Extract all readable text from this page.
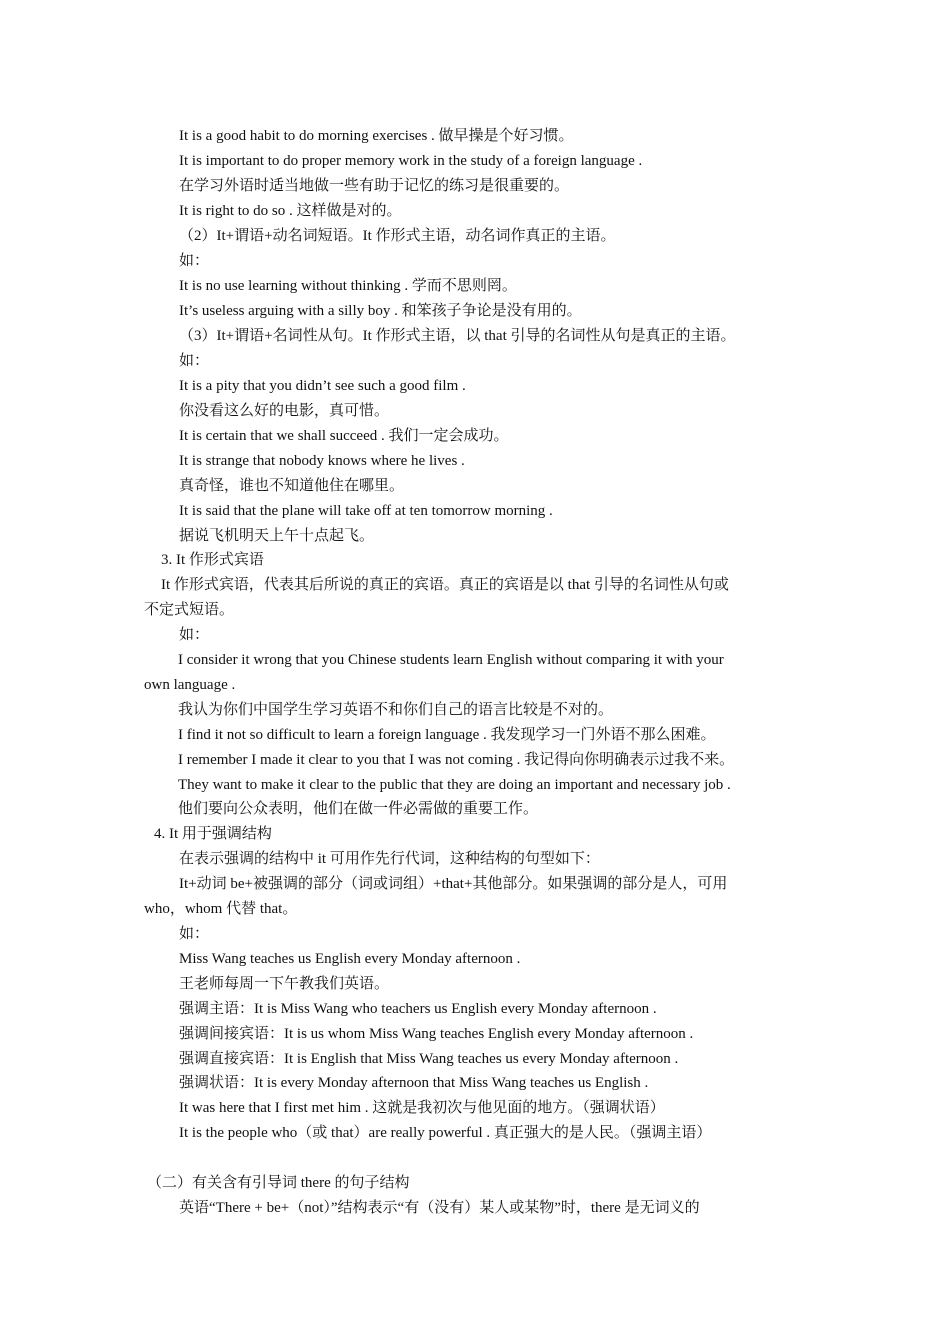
It is a good habit to do morning exercises . 做早操是个好习惯。
It is important to do proper memory work in the study of a foreign language .
在学习外语时适当地做一些有助于记忆的练习是很重要的。
It is right to do so . 这样做是对的。
（2）It+谓语+动名词短语。It 作形式主语，动名词作真正的主语。
如：
It is no use learning without thinking . 学而不思则罔。
It’s useless arguing with a silly boy . 和笨孩子争论是没有用的。
（3）It+谓语+名词性从句。It 作形式主语，以 that 引导的名词性从句是真正的主语。
如：
It is a pity that you didn’t see such a good film .
你没看这么好的电影，真可惜。
It is certain that we shall succeed . 我们一定会成功。
It is strange that nobody knows where he lives .
真奇怪，谁也不知道他住在哪里。
It is said that the plane will take off at ten tomorrow morning .
据说飞机明天上午十点起飞。
3. It 作形式宾语
It 作形式宾语，代表其后所说的真正的宾语。真正的宾语是以 that 引导的名词性从句或
不定式短语。
如：
I consider it wrong that you Chinese students learn English without comparing it with your
own language .
我认为你们中国学生学习英语不和你们自己的语言比较是不对的。
I find it not so difficult to learn a foreign language . 我发现学习一门外语不那么困难。
I remember I made it clear to you that I was not coming . 我记得向你明确表示过我不来。
They want to make it clear to the public that they are doing an important and necessary job .
他们要向公众表明，他们在做一件必需做的重要工作。
4. It 用于强调结构
在表示强调的结构中 it 可用作先行代词，这种结构的句型如下：
It+动词 be+被强调的部分（词或词组）+that+其他部分。如果强调的部分是人，可用
who，whom 代替 that。
如：
Miss Wang teaches us English every Monday afternoon .
王老师每周一下午教我们英语。
强调主语：It is Miss Wang who teachers us English every Monday afternoon .
强调间接宾语：It is us whom Miss Wang teaches English every Monday afternoon .
强调直接宾语：It is English that Miss Wang teaches us every Monday afternoon .
强调状语：It is every Monday afternoon that Miss Wang teaches us English .
It was here that I first met him . 这就是我初次与他见面的地方。（强调状语）
It is the people who（或 that）are really powerful . 真正强大的是人民。（强调主语）
（二）有关含有引导词 there 的句子结构
英语“There + be+（not）”结构表示“有（没有）某人或某物”时，there 是无词义的
